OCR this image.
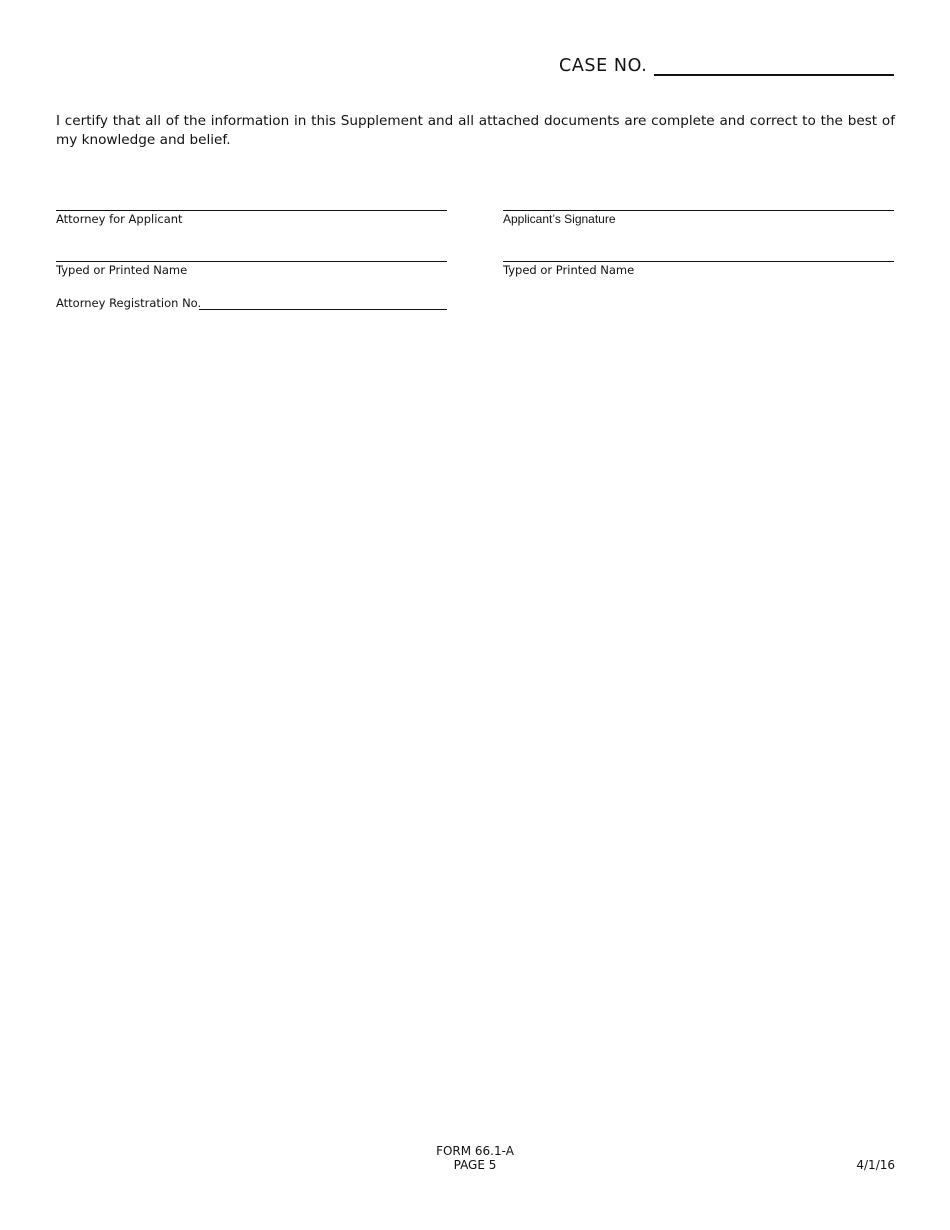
CASE NO.
I certify that all of the information in this Supplement and all attached documents are complete and correct to the best of my knowledge and belief.
Attorney for Applicant	Applicant’s Signature
Typed or Printed Name	Typed or Printed Name
Attorney Registration No.
FORM 66.1-A
PAGE 5	4/1/16
